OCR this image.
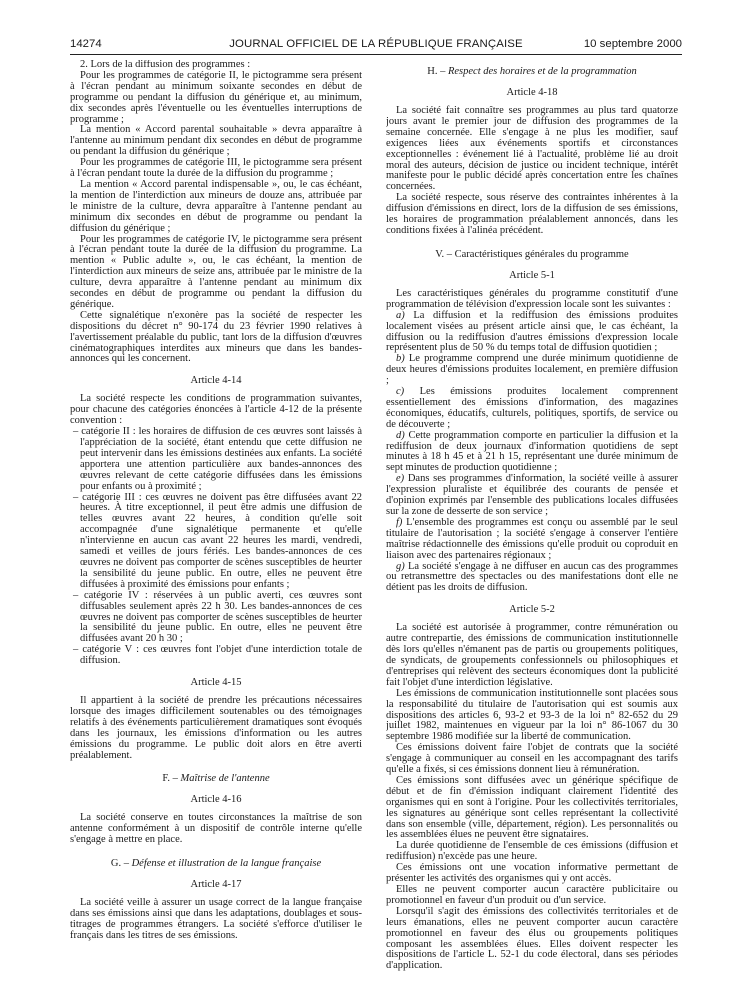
14274	JOURNAL OFFICIEL DE LA RÉPUBLIQUE FRANÇAISE	10 septembre 2000

2. Lors de la diffusion des programmes :

Pour les programmes de catégorie II, le pictogramme sera présent à l'écran pendant au minimum soixante secondes en début de programme ou pendant la diffusion du générique et, au minimum, dix secondes après l'éventuelle ou les éventuelles interruptions de programme ;

La mention « Accord parental souhaitable » devra apparaître à l'antenne au minimum pendant dix secondes en début de programme ou pendant la diffusion du générique ;

Pour les programmes de catégorie III, le pictogramme sera présent à l'écran pendant toute la durée de la diffusion du programme ;

La mention « Accord parental indispensable », ou, le cas échéant, la mention de l'interdiction aux mineurs de douze ans, attribuée par le ministre de la culture, devra apparaître à l'antenne pendant au minimum dix secondes en début de programme ou pendant la diffusion du générique ;

Pour les programmes de catégorie IV, le pictogramme sera présent à l'écran pendant toute la durée de la diffusion du programme. La mention « Public adulte », ou, le cas échéant, la mention de l'interdiction aux mineurs de seize ans, attribuée par le ministre de la culture, devra apparaître à l'antenne pendant au minimum dix secondes en début de programme ou pendant la diffusion du générique.

Cette signalétique n'exonère pas la société de respecter les dispositions du décret n° 90-174 du 23 février 1990 relatives à l'avertissement préalable du public, tant lors de la diffusion d'œuvres cinématographiques interdites aux mineurs que dans les bandes-annonces qui les concernent.

Article 4-14

La société respecte les conditions de programmation suivantes, pour chacune des catégories énoncées à l'article 4-12 de la présente convention :

– catégorie II : les horaires de diffusion de ces œuvres sont laissés à l'appréciation de la société, étant entendu que cette diffusion ne peut intervenir dans les émissions destinées aux enfants. La société apportera une attention particulière aux bandes-annonces des œuvres relevant de cette catégorie diffusées dans les émissions pour enfants ou à proximité ;
– catégorie III : ces œuvres ne doivent pas être diffusées avant 22 heures. À titre exceptionnel, il peut être admis une diffusion de telles œuvres avant 22 heures, à condition qu'elle soit accompagnée d'une signalétique permanente et qu'elle n'intervienne en aucun cas avant 22 heures les mardi, vendredi, samedi et veilles de jours fériés. Les bandes-annonces de ces œuvres ne doivent pas comporter de scènes susceptibles de heurter la sensibilité du jeune public. En outre, elles ne peuvent être diffusées à proximité des émissions pour enfants ;
– catégorie IV : réservées à un public averti, ces œuvres sont diffusables seulement après 22 h 30. Les bandes-annonces de ces œuvres ne doivent pas comporter de scènes susceptibles de heurter la sensibilité du jeune public. En outre, elles ne peuvent être diffusées avant 20 h 30 ;
– catégorie V : ces œuvres font l'objet d'une interdiction totale de diffusion.
Article 4-15

Il appartient à la société de prendre les précautions nécessaires lorsque des images difficilement soutenables ou des témoignages relatifs à des événements particulièrement dramatiques sont évoqués dans les journaux, les émissions d'information ou les autres émissions du programme. Le public doit alors en être averti préalablement.

F. – Maîtrise de l'antenne
Article 4-16

La société conserve en toutes circonstances la maîtrise de son antenne conformément à un dispositif de contrôle interne qu'elle s'engage à mettre en place.

G. – Défense et illustration de la langue française
Article 4-17

La société veille à assurer un usage correct de la langue française dans ses émissions ainsi que dans les adaptations, doublages et sous-titrages de programmes étrangers. La société s'efforce d'utiliser le français dans les titres de ses émissions.

H. – Respect des horaires et de la programmation
Article 4-18

La société fait connaître ses programmes au plus tard quatorze jours avant le premier jour de diffusion des programmes de la semaine concernée. Elle s'engage à ne plus les modifier, sauf exigences liées aux événements sportifs et circonstances exceptionnelles : événement lié à l'actualité, problème lié au droit moral des auteurs, décision de justice ou incident technique, intérêt manifeste pour le public décidé après concertation entre les chaînes concernées.

La société respecte, sous réserve des contraintes inhérentes à la diffusion d'émissions en direct, lors de la diffusion de ses émissions, les horaires de programmation préalablement annoncés, dans les conditions fixées à l'alinéa précédent.

V. – Caractéristiques générales du programme
Article 5-1

Les caractéristiques générales du programme constitutif d'une programmation de télévision d'expression locale sont les suivantes :

a) La diffusion et la rediffusion des émissions produites localement visées au présent article ainsi que, le cas échéant, la diffusion ou la rediffusion d'autres émissions d'expression locale représentent plus de 50 % du temps total de diffusion quotidien ;

b) Le programme comprend une durée minimum quotidienne de deux heures d'émissions produites localement, en première diffusion ;

c) Les émissions produites localement comprennent essentiellement des émissions d'information, des magazines économiques, éducatifs, culturels, politiques, sportifs, de service ou de découverte ;

d) Cette programmation comporte en particulier la diffusion et la rediffusion de deux journaux d'information quotidiens de sept minutes à 18 h 45 et à 21 h 15, représentant une durée minimum de sept minutes de production quotidienne ;

e) Dans ses programmes d'information, la société veille à assurer l'expression pluraliste et équilibrée des courants de pensée et d'opinion exprimés par l'ensemble des publications locales diffusées sur la zone de desserte de son service ;

f) L'ensemble des programmes est conçu ou assemblé par le seul titulaire de l'autorisation ; la société s'engage à conserver l'entière maîtrise rédactionnelle des émissions qu'elle produit ou coproduit en liaison avec des partenaires régionaux ;

g) La société s'engage à ne diffuser en aucun cas des programmes ou retransmettre des spectacles ou des manifestations dont elle ne détient pas les droits de diffusion.

Article 5-2

La société est autorisée à programmer, contre rémunération ou autre contrepartie, des émissions de communication institutionnelle dès lors qu'elles n'émanent pas de partis ou groupements politiques, de syndicats, de groupements confessionnels ou philosophiques et d'entreprises qui relèvent des secteurs économiques dont la publicité fait l'objet d'une interdiction législative.

Les émissions de communication institutionnelle sont placées sous la responsabilité du titulaire de l'autorisation qui est soumis aux dispositions des articles 6, 93-2 et 93-3 de la loi n° 82-652 du 29 juillet 1982, maintenues en vigueur par la loi n° 86-1067 du 30 septembre 1986 modifiée sur la liberté de communication.

Ces émissions doivent faire l'objet de contrats que la société s'engage à communiquer au conseil en les accompagnant des tarifs qu'elle a fixés, si ces émissions donnent lieu à rémunération.

Ces émissions sont diffusées avec un générique spécifique de début et de fin d'émission indiquant clairement l'identité des organismes qui en sont à l'origine. Pour les collectivités territoriales, les signatures au générique sont celles représentant la collectivité dans son ensemble (ville, département, région). Les personnalités ou les assemblées élues ne peuvent être signataires.

La durée quotidienne de l'ensemble de ces émissions (diffusion et rediffusion) n'excède pas une heure.

Ces émissions ont une vocation informative permettant de présenter les activités des organismes qui y ont accès.

Elles ne peuvent comporter aucun caractère publicitaire ou promotionnel en faveur d'un produit ou d'un service.

Lorsqu'il s'agit des émissions des collectivités territoriales et de leurs émanations, elles ne peuvent comporter aucun caractère promotionnel en faveur des élus ou groupements politiques composant les assemblées élues. Elles doivent respecter les dispositions de l'article L. 52-1 du code électoral, dans ses périodes d'application.
